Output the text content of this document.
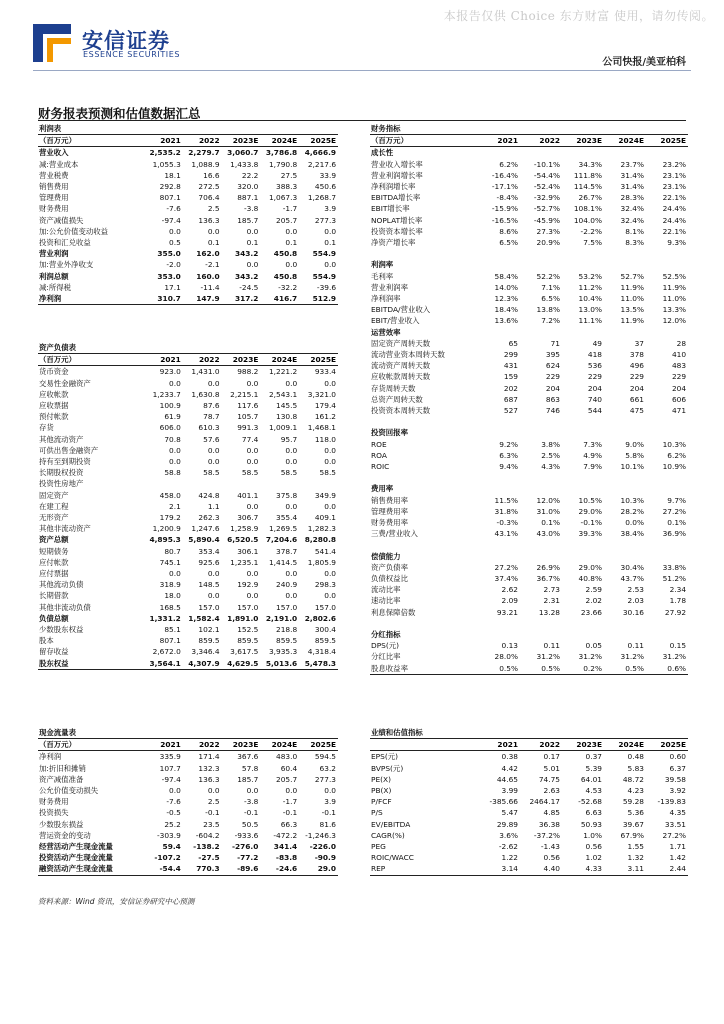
本报告仅供 Choice 东方财富 使用，请勿传阅。
安信证券
ESSENCE SECURITIES
公司快报/美亚柏科
财务报表预测和估值数据汇总
利润表					
（百万元）	2021	2022	2023E	2024E	2025E
营业收入	2,535.2	2,279.7	3,060.7	3,786.8	4,666.9
减:营业成本	1,055.3	1,088.9	1,433.8	1,790.8	2,217.6
营业税费	18.1	16.6	22.2	27.5	33.9
销售费用	292.8	272.5	320.0	388.3	450.6
管理费用	807.1	706.4	887.1	1,067.3	1,268.7
财务费用	-7.6	2.5	-3.8	-1.7	3.9
资产减值损失	-97.4	136.3	185.7	205.7	277.3
加:公允价值变动收益	0.0	0.0	0.0	0.0	0.0
投资和汇兑收益	0.5	0.1	0.1	0.1	0.1
营业利润	355.0	162.0	343.2	450.8	554.9
加:营业外净收支	-2.0	-2.1	0.0	0.0	0.0
利润总额	353.0	160.0	343.2	450.8	554.9
减:所得税	17.1	-11.4	-24.5	-32.2	-39.6
净利润	310.7	147.9	317.2	416.7	512.9
资产负债表					
（百万元）	2021	2022	2023E	2024E	2025E
货币资金	923.0	1,431.0	988.2	1,221.2	933.4
交易性金融资产	0.0	0.0	0.0	0.0	0.0
应收帐款	1,233.7	1,630.8	2,215.1	2,543.1	3,321.0
应收票据	100.9	87.6	117.6	145.5	179.4
预付帐款	61.9	78.7	105.7	130.8	161.2
存货	606.0	610.3	991.3	1,009.1	1,468.1
其他流动资产	70.8	57.6	77.4	95.7	118.0
可供出售金融资产	0.0	0.0	0.0	0.0	0.0
持有至到期投资	0.0	0.0	0.0	0.0	0.0
长期股权投资	58.8	58.5	58.5	58.5	58.5
投资性房地产					
固定资产	458.0	424.8	401.1	375.8	349.9
在建工程	2.1	1.1	0.0	0.0	0.0
无形资产	179.2	262.3	306.7	355.4	409.1
其他非流动资产	1,200.9	1,247.6	1,258.9	1,269.5	1,282.3
资产总额	4,895.3	5,890.4	6,520.5	7,204.6	8,280.8
短期债务	80.7	353.4	306.1	378.7	541.4
应付帐款	745.1	925.6	1,235.1	1,414.5	1,805.9
应付票据	0.0	0.0	0.0	0.0	0.0
其他流动负债	318.9	148.5	192.9	240.9	298.3
长期借款	18.0	0.0	0.0	0.0	0.0
其他非流动负债	168.5	157.0	157.0	157.0	157.0
负债总额	1,331.2	1,582.4	1,891.0	2,191.0	2,802.6
少数股东权益	85.1	102.1	152.5	218.8	300.4
股本	807.1	859.5	859.5	859.5	859.5
留存收益	2,672.0	3,346.4	3,617.5	3,935.3	4,318.4
股东权益	3,564.1	4,307.9	4,629.5	5,013.6	5,478.3
财务指标					
（百万元）	2021	2022	2023E	2024E	2025E
成长性					
营业收入增长率	6.2%	-10.1%	34.3%	23.7%	23.2%
营业利润增长率	-16.4%	-54.4%	111.8%	31.4%	23.1%
净利润增长率	-17.1%	-52.4%	114.5%	31.4%	23.1%
EBITDA增长率	-8.4%	-32.9%	26.7%	28.3%	22.1%
EBIT增长率	-15.9%	-52.7%	108.1%	32.4%	24.4%
NOPLAT增长率	-16.5%	-45.9%	104.0%	32.4%	24.4%
投资资本增长率	8.6%	27.3%	-2.2%	8.1%	22.1%
净资产增长率	6.5%	20.9%	7.5%	8.3%	9.3%

利润率					
毛利率	58.4%	52.2%	53.2%	52.7%	52.5%
营业利润率	14.0%	7.1%	11.2%	11.9%	11.9%
净利润率	12.3%	6.5%	10.4%	11.0%	11.0%
EBITDA/营业收入	18.4%	13.8%	13.0%	13.5%	13.3%
EBIT/营业收入	13.6%	7.2%	11.1%	11.9%	12.0%
运营效率					
固定资产周转天数	65	71	49	37	28
流动营业资本周转天数	299	395	418	378	410
流动资产周转天数	431	624	536	496	483
应收帐款周转天数	159	229	229	229	229
存货周转天数	202	204	204	204	204
总资产周转天数	687	863	740	661	606
投资资本周转天数	527	746	544	475	471

投资回报率					
ROE	9.2%	3.8%	7.3%	9.0%	10.3%
ROA	6.3%	2.5%	4.9%	5.8%	6.2%
ROIC	9.4%	4.3%	7.9%	10.1%	10.9%

费用率					
销售费用率	11.5%	12.0%	10.5%	10.3%	9.7%
管理费用率	31.8%	31.0%	29.0%	28.2%	27.2%
财务费用率	-0.3%	0.1%	-0.1%	0.0%	0.1%
三费/营业收入	43.1%	43.0%	39.3%	38.4%	36.9%

偿债能力					
资产负债率	27.2%	26.9%	29.0%	30.4%	33.8%
负债权益比	37.4%	36.7%	40.8%	43.7%	51.2%
流动比率	2.62	2.73	2.59	2.53	2.34
速动比率	2.09	2.31	2.02	2.03	1.78
利息保障倍数	93.21	13.28	23.66	30.16	27.92

分红指标					
DPS(元)	0.13	0.11	0.05	0.11	0.15
分红比率	28.0%	31.2%	31.2%	31.2%	31.2%
股息收益率	0.5%	0.5%	0.2%	0.5%	0.6%
现金流量表					
（百万元）	2021	2022	2023E	2024E	2025E
净利润	335.9	171.4	367.6	483.0	594.5
加:折旧和摊销	107.7	132.3	57.8	60.4	63.2
资产减值准备	-97.4	136.3	185.7	205.7	277.3
公允价值变动损失	0.0	0.0	0.0	0.0	0.0
财务费用	-7.6	2.5	-3.8	-1.7	3.9
投资损失	-0.5	-0.1	-0.1	-0.1	-0.1
少数股东损益	25.2	23.5	50.5	66.3	81.6
营运资金的变动	-303.9	-604.2	-933.6	-472.2	-1,246.3
经营活动产生现金流量	59.4	-138.2	-276.0	341.4	-226.0
投资活动产生现金流量	-107.2	-27.5	-77.2	-83.8	-90.9
融资活动产生现金流量	-54.4	770.3	-89.6	-24.6	29.0
业绩和估值指标					
	2021	2022	2023E	2024E	2025E
EPS(元)	0.38	0.17	0.37	0.48	0.60
BVPS(元)	4.42	5.01	5.39	5.83	6.37
PE(X)	44.65	74.75	64.01	48.72	39.58
PB(X)	3.99	2.63	4.53	4.23	3.92
P/FCF	-385.66	2464.17	-52.68	59.28	-139.83
P/S	5.47	4.85	6.63	5.36	4.35
EV/EBITDA	29.89	36.38	50.93	39.67	33.51
CAGR(%)	3.6%	-37.2%	1.0%	67.9%	27.2%
PEG	-2.62	-1.43	0.56	1.55	1.71
ROIC/WACC	1.22	0.56	1.02	1.32	1.42
REP	3.14	4.40	4.33	3.11	2.44
资料来源：Wind 资讯，安信证券研究中心预测
